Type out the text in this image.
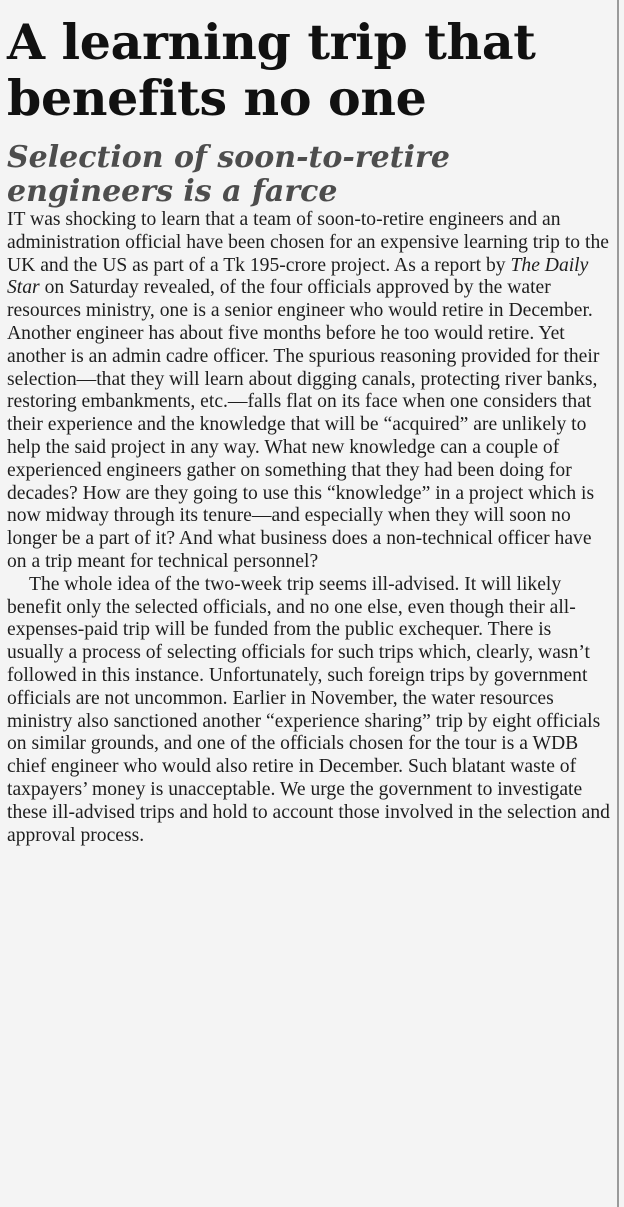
A learning trip that benefits no one
Selection of soon-to-retire engineers is a farce

IT was shocking to learn that a team of soon-to-retire engineers and an administration official have been chosen for an expensive learning trip to the UK and the US as part of a Tk 195-crore project. As a report by The Daily Star on Saturday revealed, of the four officials approved by the water resources ministry, one is a senior engineer who would retire in December. Another engineer has about five months before he too would retire. Yet another is an admin cadre officer. The spurious reasoning provided for their selection—that they will learn about digging canals, protecting river banks, restoring embankments, etc.—falls flat on its face when one considers that their experience and the knowledge that will be “acquired” are unlikely to help the said project in any way. What new knowledge can a couple of experienced engineers gather on something that they had been doing for decades? How are they going to use this “knowledge” in a project which is now midway through its tenure—and especially when they will soon no longer be a part of it? And what business does a non-technical officer have on a trip meant for technical personnel?

The whole idea of the two-week trip seems ill-advised. It will likely benefit only the selected officials, and no one else, even though their all-expenses-paid trip will be funded from the public exchequer. There is usually a process of selecting officials for such trips which, clearly, wasn’t followed in this instance. Unfortunately, such foreign trips by government officials are not uncommon. Earlier in November, the water resources ministry also sanctioned another “experience sharing” trip by eight officials on similar grounds, and one of the officials chosen for the tour is a WDB chief engineer who would also retire in December. Such blatant waste of taxpayers’ money is unacceptable. We urge the government to investigate these ill-advised trips and hold to account those involved in the selection and approval process.
